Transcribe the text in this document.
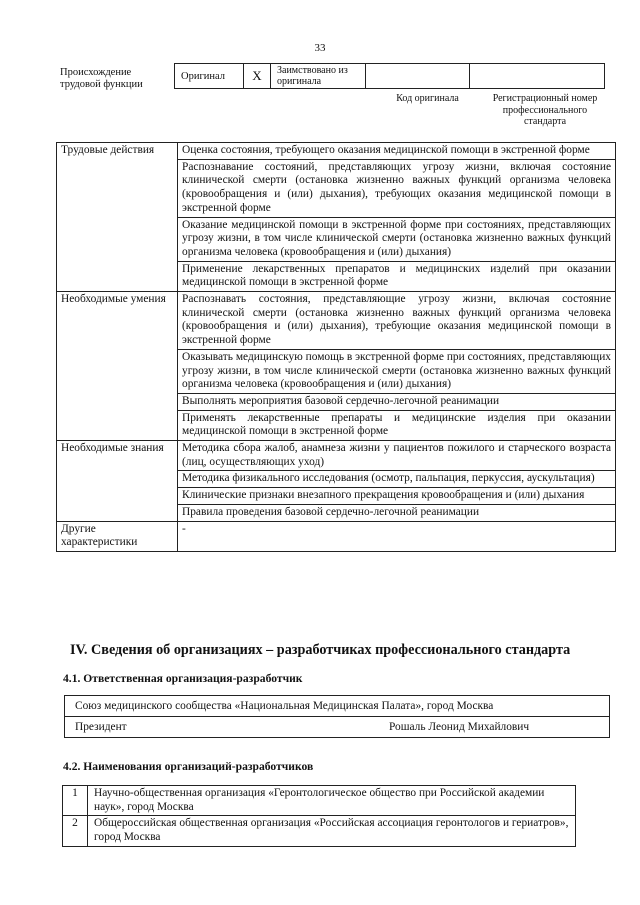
33
Происхождение трудовой функции
Оригинал	X	Заимствовано из оригинала		
Код оригинала	Регистрационный номер профессионального стандарта
Трудовые действия	Оценка состояния, требующего оказания медицинской помощи в экстренной форме
	Распознавание состояний, представляющих угрозу жизни, включая состояние клинической смерти (остановка жизненно важных функций организма человека (кровообращения и (или) дыхания), требующих оказания медицинской помощи в экстренной форме
	Оказание медицинской помощи в экстренной форме при состояниях, представляющих угрозу жизни, в том числе клинической смерти (остановка жизненно важных функций организма человека (кровообращения и (или) дыхания)
	Применение лекарственных препаратов и медицинских изделий при оказании медицинской помощи в экстренной форме
Необходимые умения	Распознавать состояния, представляющие угрозу жизни, включая состояние клинической смерти (остановка жизненно важных функций организма человека (кровообращения и (или) дыхания), требующие оказания медицинской помощи в экстренной форме
	Оказывать медицинскую помощь в экстренной форме при состояниях, представляющих угрозу жизни, в том числе клинической смерти (остановка жизненно важных функций организма человека (кровообращения и (или) дыхания)
	Выполнять мероприятия базовой сердечно-легочной реанимации
	Применять лекарственные препараты и медицинские изделия при оказании медицинской помощи в экстренной форме
Необходимые знания	Методика сбора жалоб, анамнеза жизни у пациентов пожилого и старческого возраста (лиц, осуществляющих уход)
	Методика физикального исследования (осмотр, пальпация, перкуссия, аускультация)
	Клинические признаки внезапного прекращения кровообращения и (или) дыхания
	Правила проведения базовой сердечно-легочной реанимации
Другие характеристики	-
IV. Сведения об организациях – разработчиках профессионального стандарта
4.1. Ответственная организация-разработчик
Союз медицинского сообщества «Национальная Медицинская Палата», город Москва
Президент	Рошаль Леонид Михайлович
4.2. Наименования организаций-разработчиков
1	Научно-общественная организация «Геронтологическое общество при Российской академии наук», город Москва
2	Общероссийская общественная организация «Российская ассоциация геронтологов и гериатров», город Москва
